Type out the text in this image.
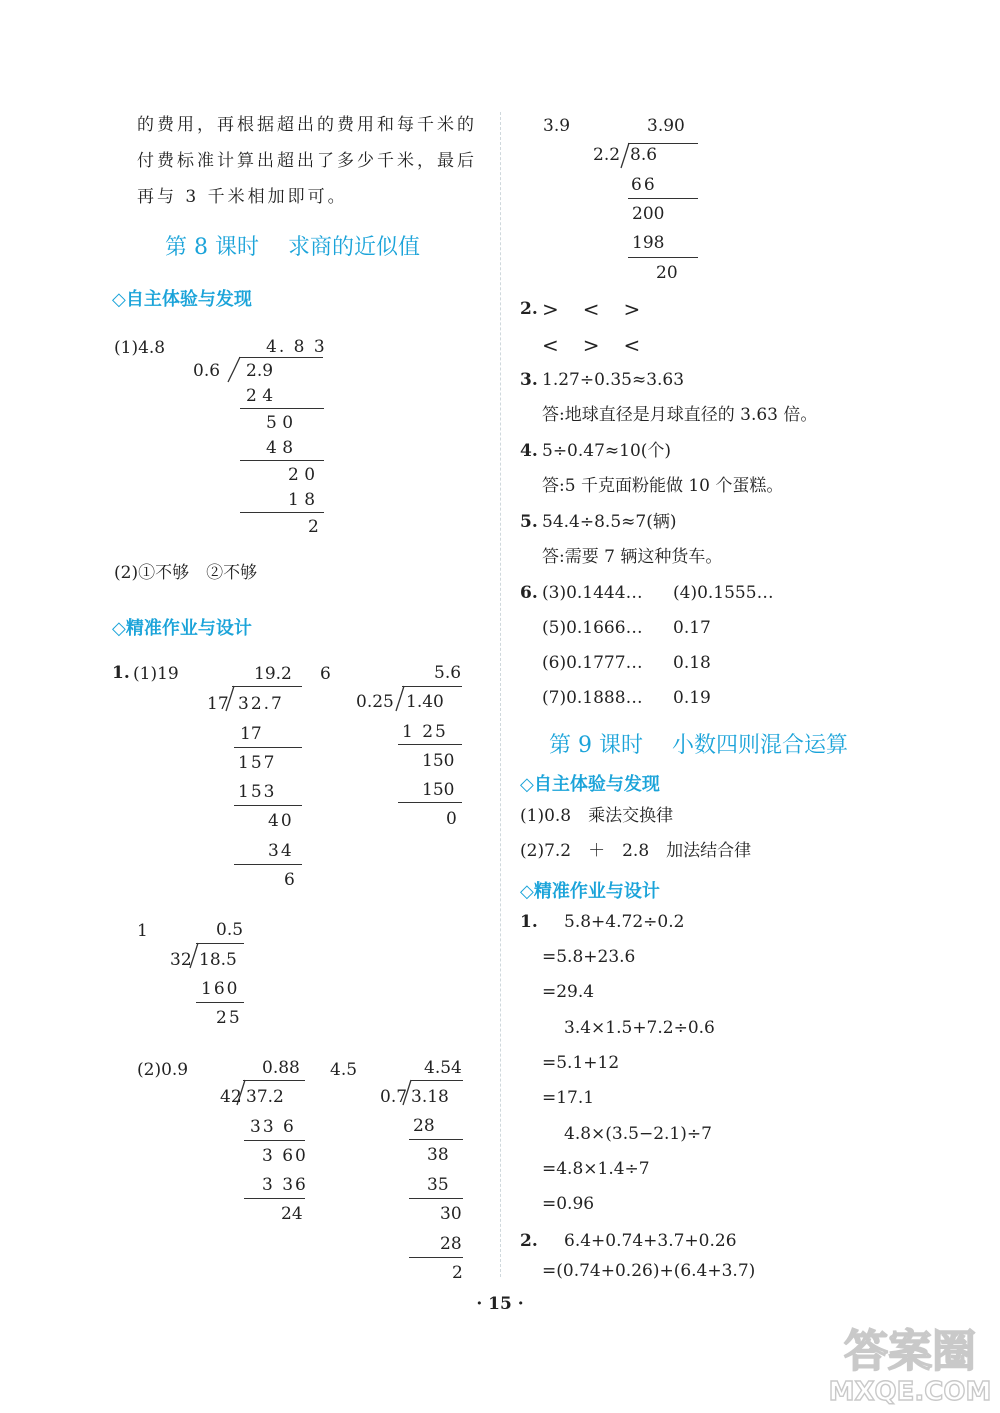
的费用，再根据超出的费用和每千米的
付费标准计算出超出了多少千米，最后
再与 3 千米相加即可。
第 8 课时 求商的近似值
◇自主体验与发现
(1)4.8	4. 8 3
0.6 2.9
2 4
5 0
4 8
2 0
1 8
2
(2)①不够　②不够
◇精准作业与设计
1. (1)19	19.2
17 32.7
17
157
153
40
34
6
6	5.6
0.25 1.40
1 25
150
150
0
1	0.5
32 18.5
160
25
(2)0.9	0.88
42 37.2
33 6
3 60
3 36
24
4.5	4.54
0.7 3.18
28
38
35
30
28
2
3.9	3.90
2.2 8.6
66
200
198
20
2. >　<　>
<　>　<
3. 1.27÷0.35≈3.63
答:地球直径是月球直径的 3.63 倍。
4. 5÷0.47≈10(个)
答:5 千克面粉能做 10 个蛋糕。
5. 54.4÷8.5≈7(辆)
答:需要 7 辆这种货车。
6. (3)0.1444… (4)0.1555…
(5)0.1666… 0.17
(6)0.1777… 0.18
(7)0.1888… 0.19
第 9 课时 小数四则混合运算
◇自主体验与发现
(1)0.8　乘法交换律
(2)7.2　＋　2.8　加法结合律
◇精准作业与设计
1. 5.8+4.72÷0.2
=5.8+23.6
=29.4
3.4×1.5+7.2÷0.6
=5.1+12
=17.1
4.8×(3.5−2.1)÷7
=4.8×1.4÷7
=0.96
2. 6.4+0.74+3.7+0.26
=(0.74+0.26)+(6.4+3.7)
· 15 ·
答案圈
MXQE.COM
